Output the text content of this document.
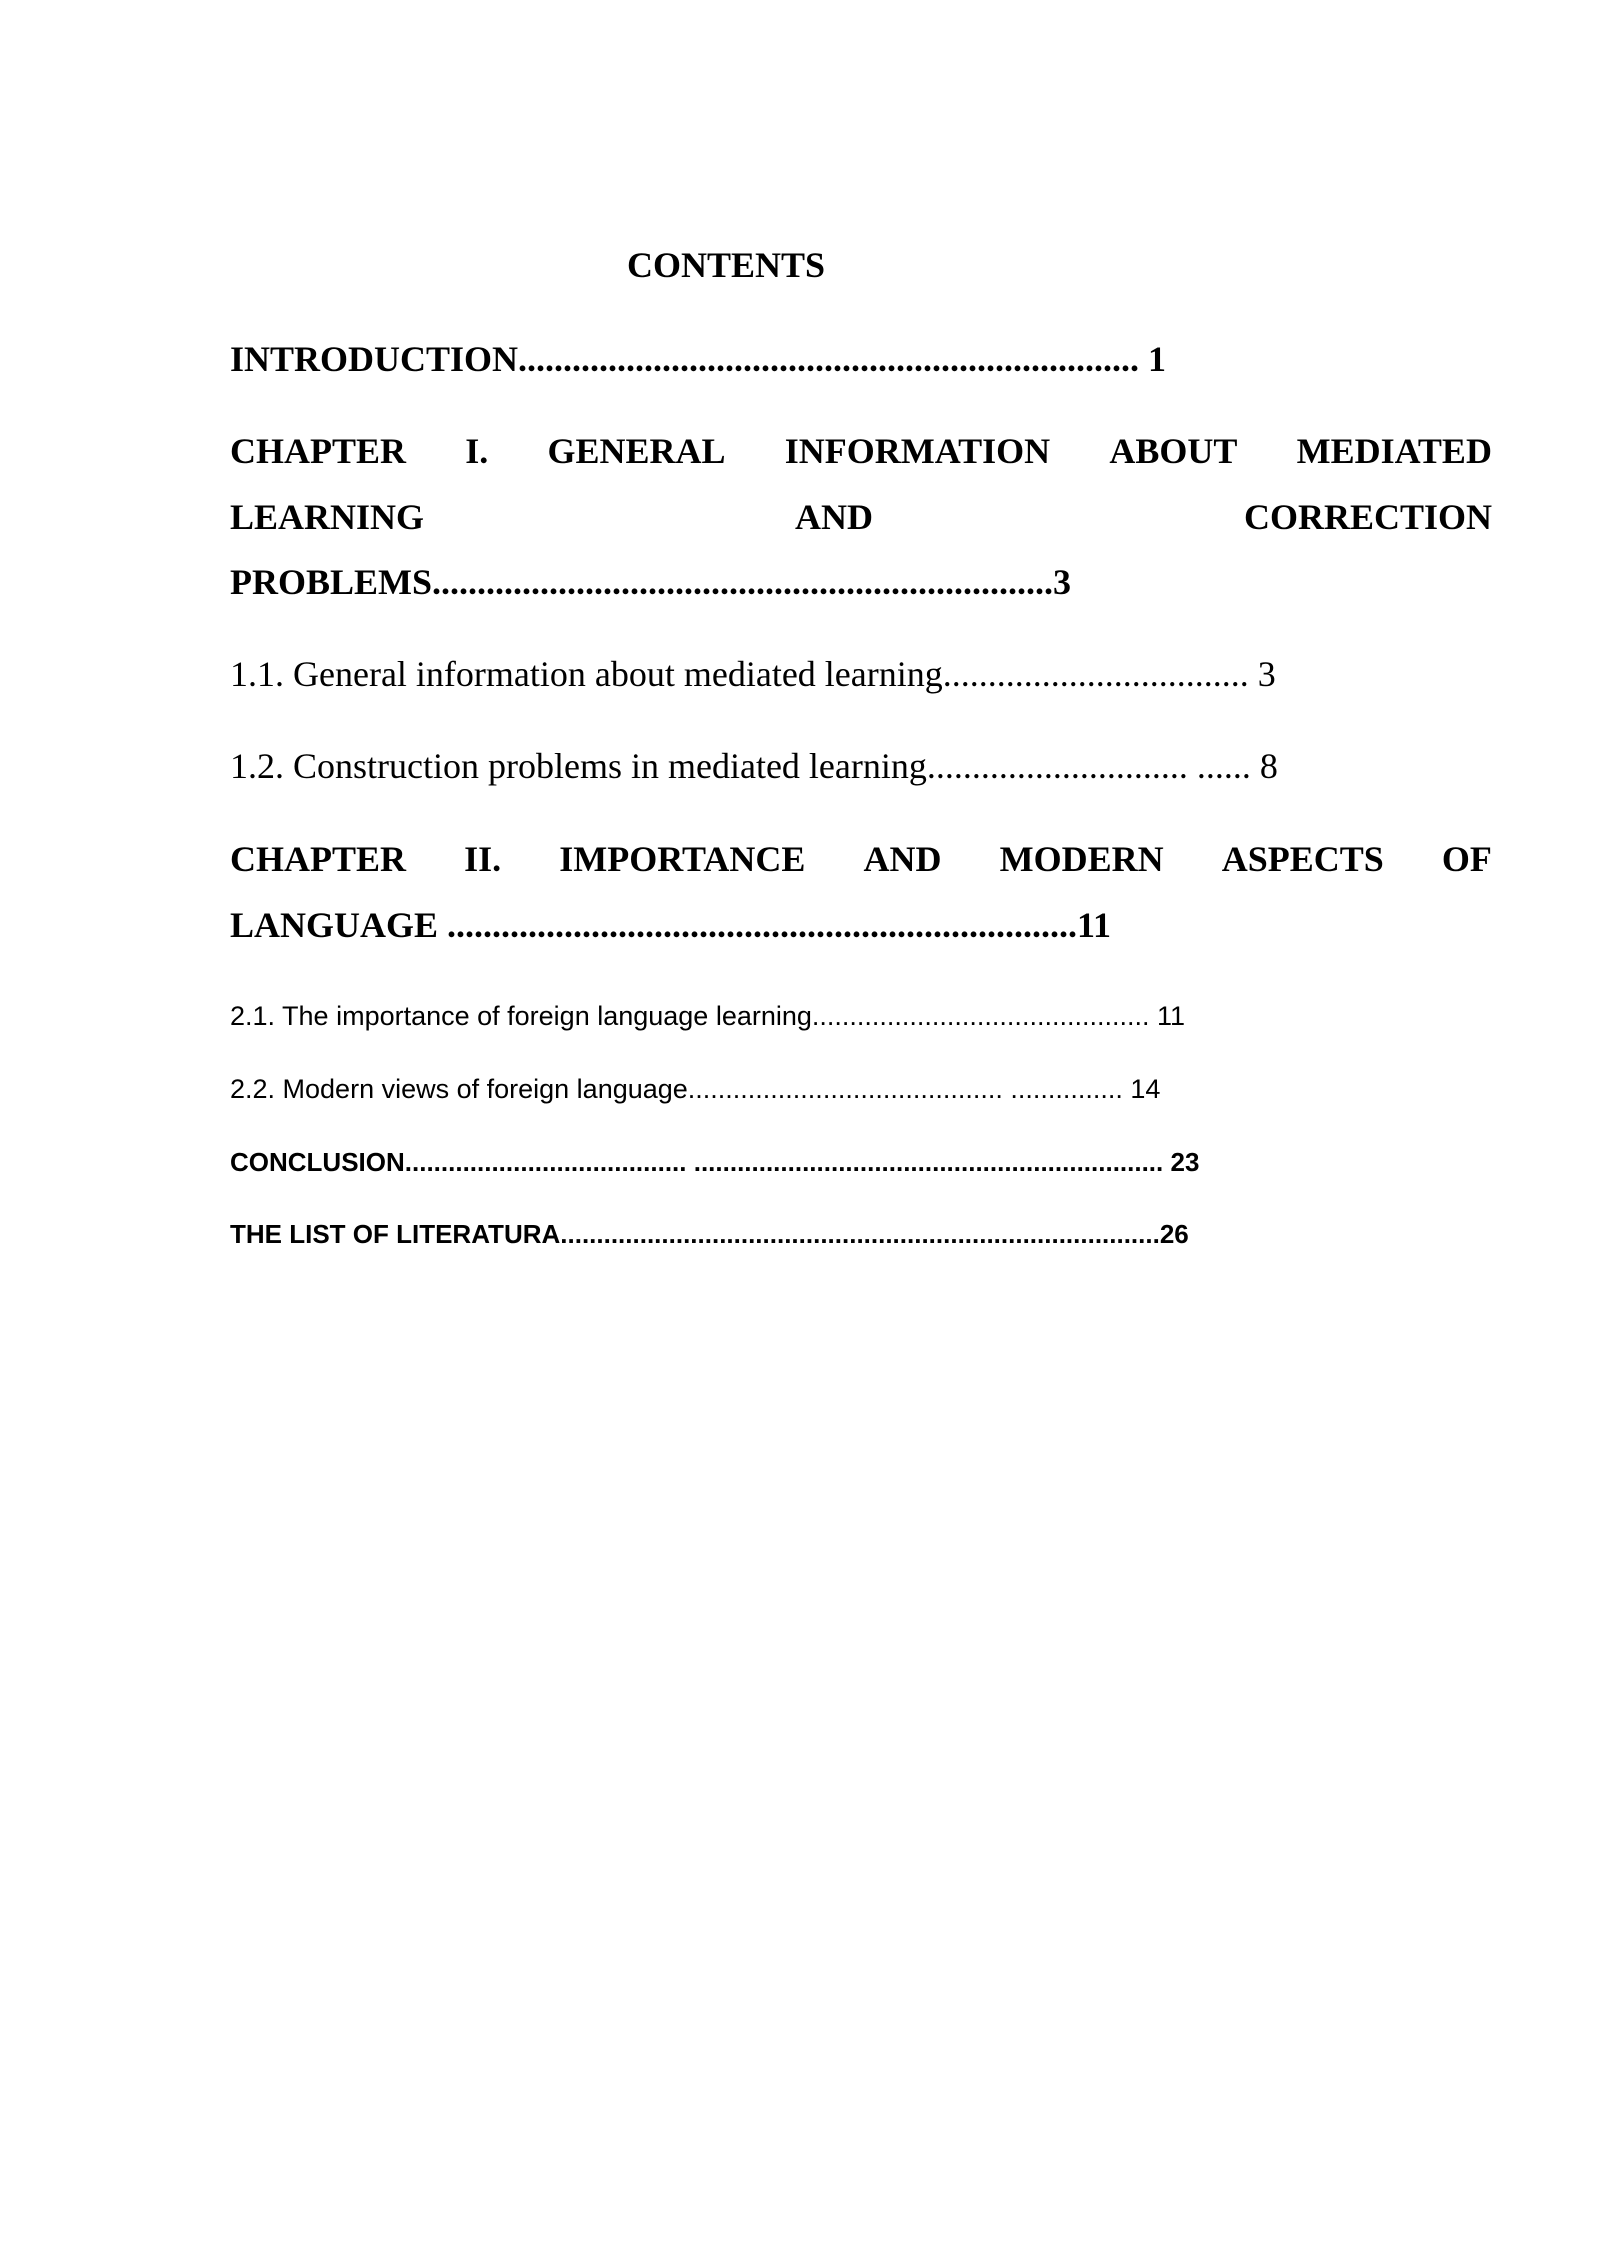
CONTENTS
INTRODUCTION..................................................................... 1
CHAPTER I. GENERAL INFORMATION ABOUT MEDIATED
LEARNING	AND	CORRECTION
PROBLEMS.....................................................................3
1.1. General information about mediated learning.................................. 3
1.2. Construction problems in mediated learning............................. ...... 8
CHAPTER II. IMPORTANCE AND MODERN ASPECTS OF
LANGUAGE ......................................................................11
2.1. The importance of foreign language learning............................................. 11
2.2. Modern views of foreign language.......................................... ............... 14
CONCLUSION....................................... ................................................................. 23
THE LIST OF LITERATURA...................................................................................26
